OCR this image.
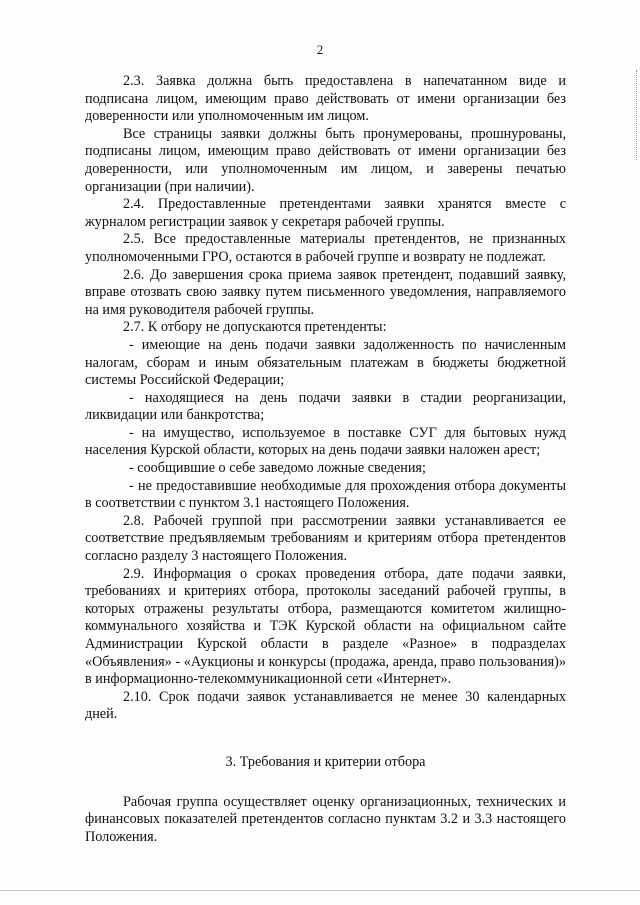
2

2.3. Заявка должна быть предоставлена в напечатанном виде и подписана лицом, имеющим право действовать от имени организации без доверенности или уполномоченным им лицом.

Все страницы заявки должны быть пронумерованы, прошнурованы, подписаны лицом, имеющим право действовать от имени организации без доверенности, или уполномоченным им лицом, и заверены печатью организации (при наличии).

2.4. Предоставленные претендентами заявки хранятся вместе с журналом регистрации заявок у секретаря рабочей группы.

2.5. Все предоставленные материалы претендентов, не признанных уполномоченными ГРО, остаются в рабочей группе и возврату не подлежат.

2.6. До завершения срока приема заявок претендент, подавший заявку, вправе отозвать свою заявку путем письменного уведомления, направляемого на имя руководителя рабочей группы.

2.7. К отбору не допускаются претенденты:

- имеющие на день подачи заявки задолженность по начисленным налогам, сборам и иным обязательным платежам в бюджеты бюджетной системы Российской Федерации;

- находящиеся на день подачи заявки в стадии реорганизации, ликвидации или банкротства;

- на имущество, используемое в поставке СУГ для бытовых нужд населения Курской области, которых на день подачи заявки наложен арест;

- сообщившие о себе заведомо ложные сведения;

- не предоставившие необходимые для прохождения отбора документы в соответствии с пунктом 3.1 настоящего Положения.

2.8. Рабочей группой при рассмотрении заявки устанавливается ее соответствие предъявляемым требованиям и критериям отбора претендентов согласно разделу 3 настоящего Положения.

2.9. Информация о сроках проведения отбора, дате подачи заявки, требованиях и критериях отбора, протоколы заседаний рабочей группы, в которых отражены результаты отбора, размещаются комитетом жилищно-коммунального хозяйства и ТЭК Курской области на официальном сайте Администрации Курской области в разделе «Разное» в подразделах «Объявления» - «Аукционы и конкурсы (продажа, аренда, право пользования)» в информационно-телекоммуникационной сети «Интернет».

2.10. Срок подачи заявок устанавливается не менее 30 календарных дней.

3. Требования и критерии отбора

Рабочая группа осуществляет оценку организационных, технических и финансовых показателей претендентов согласно пунктам 3.2 и 3.3 настоящего Положения.
